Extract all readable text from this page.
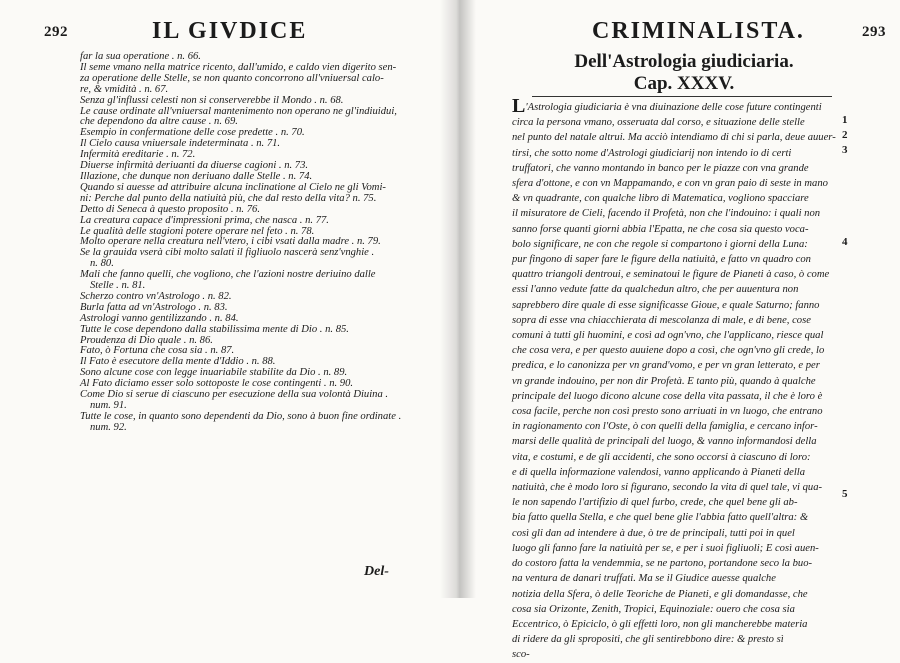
292	IL GIVDICE
far la sua operatione . n. 66.
Il seme vmano nella matrice ricento, dall'umido, e caldo vien digerito sen-
za operatione delle Stelle, se non quanto concorrono all'vniuersal calo-
re, & vmidità . n. 67.
Senza gl'influssi celesti non si conserverebbe il Mondo . n. 68.
Le cause ordinate all'vniuersal mantenimento non operano ne gl'indiuidui,
che dependono da altre cause . n. 69.
Esempio in confermatione delle cose predette . n. 70.
Il Cielo causa vniuersale indeterminata . n. 71.
Infermità ereditarie . n. 72.
Diuerse infirmità deriuanti da diuerse cagioni . n. 73.
Illazione, che dunque non deriuano dalle Stelle . n. 74.
Quando si auesse ad attribuire alcuna inclinatione al Cielo ne gli Vomi-
ni: Perche dal punto della natiuità più, che dal resto della vita? n. 75.
Detto di Seneca à questo proposito . n. 76.
La creatura capace d'impressioni prima, che nasca . n. 77.
Le qualità delle stagioni potere operare nel feto . n. 78.
Molto operare nella creatura nell'vtero, i cibi vsati dalla madre . n. 79.
Se la grauida vserà cibi molto salati il figliuolo nascerà senz'vnghie .
n. 80.
Mali che fanno quelli, che vogliono, che l'azioni nostre deriuino dalle
Stelle . n. 81.
Scherzo contro vn'Astrologo . n. 82.
Burla fatta ad vn'Astrologo . n. 83.
Astrologi vanno gentilizzando . n. 84.
Tutte le cose dependono dalla stabilissima mente di Dio . n. 85.
Proudenza di Dio quale . n. 86.
Fato, ò Fortuna che cosa sia . n. 87.
Il Fato è esecutore della mente d'Iddio . n. 88.
Sono alcune cose con legge inuariabile stabilite da Dio . n. 89.
Al Fato diciamo esser solo sottoposte le cose contingenti . n. 90.
Come Dio si serue di ciascuno per esecuzione della sua volontà Diuina .
num. 91.
Tutte le cose, in quanto sono dependenti da Dio, sono à buon fine ordinate .
num. 92.
Del-
CRIMINALISTA.	293
Dell'Astrologia giudiciaria.
Cap. XXXV.
L'Astrologia giudiciaria è vna diuinazione delle cose future contingenti
circa la persona vmano, osseruata dal corso, e situazione delle stelle
nel punto del natale altrui. Ma acciò intendiamo di chi si parla, deue auuer-
tirsi, che sotto nome d'Astrologi giudiciarij non intendo io di certi
truffatori, che vanno montando in banco per le piazze con vna grande
sfera d'ottone, e con vn Mappamando, e con vn gran paio di seste in mano
& vn quadrante, con qualche libro di Matematica, vogliono spacciare
il misuratore de Cieli, facendo il Profetà, non che l'indouino: i quali non
sanno forse quanti giorni abbia l'Epatta, ne che cosa sia questo voca-
bolo significare, ne con che regole si compartono i giorni della Luna:
pur fingono di saper fare le figure della natiuità, e fatto vn quadro con
quattro triangoli dentroui, e seminatoui le figure de Pianeti à caso, ò come
essi l'anno vedute fatte da qualchedun altro, che per auuentura non
saprebbero dire quale di esse significasse Gioue, e quale Saturno; fanno
sopra di esse vna chiacchierata di mescolanza di male, e di bene, cose
comuni à tutti gli huomini, e così ad ogn'vno, che l'applicano, riesce qual
che cosa vera, e per questo auuiene dopo a così, che ogn'vno gli crede, lo
predica, e lo canonizza per vn grand'vomo, e per vn gran letterato, e per
vn grande indouino, per non dir Profetà. E tanto più, quando à qualche
principale del luogo dicono alcune cose della vita passata, il che è loro è
cosa facile, perche non così presto sono arriuati in vn luogo, che entrano
in ragionamento con l'Oste, ò con quelli della famiglia, e cercano infor-
marsi delle qualità de principali del luogo, & vanno informandosi della
vita, e costumi, e de gli accidenti, che sono occorsi à ciascuno di loro:
e di quella informazione valendosi, vanno applicando à Pianeti della
natiuità, che è modo loro si figurano, secondo la vita di quel tale, vi qua-
le non sapendo l'artifizio di quel furbo, crede, che quel bene gli ab-
bia fatto quella Stella, e che quel bene glie l'abbia fatto quell'altra: &
così gli dan ad intendere à due, ò tre de principali, tutti poi in quel
luogo gli fanno fare la natiuità per se, e per i suoi figliuoli; E così auen-
do costoro fatta la vendemmia, se ne partono, portandone seco la buo-
na ventura de danari truffati. Ma se il Giudice auesse qualche
notizia della Sfera, ò delle Teoriche de Pianeti, e gli domandasse, che
cosa sia Orizonte, Zenith, Tropici, Equinoziale: ouero che cosa sia
Eccentrico, ò Epiciclo, ò gli effetti loro, non gli mancherebbe materia
di ridere da gli spropositi, che gli sentirebbono dire: & presto sì
sco-
1
2
3
4
5
